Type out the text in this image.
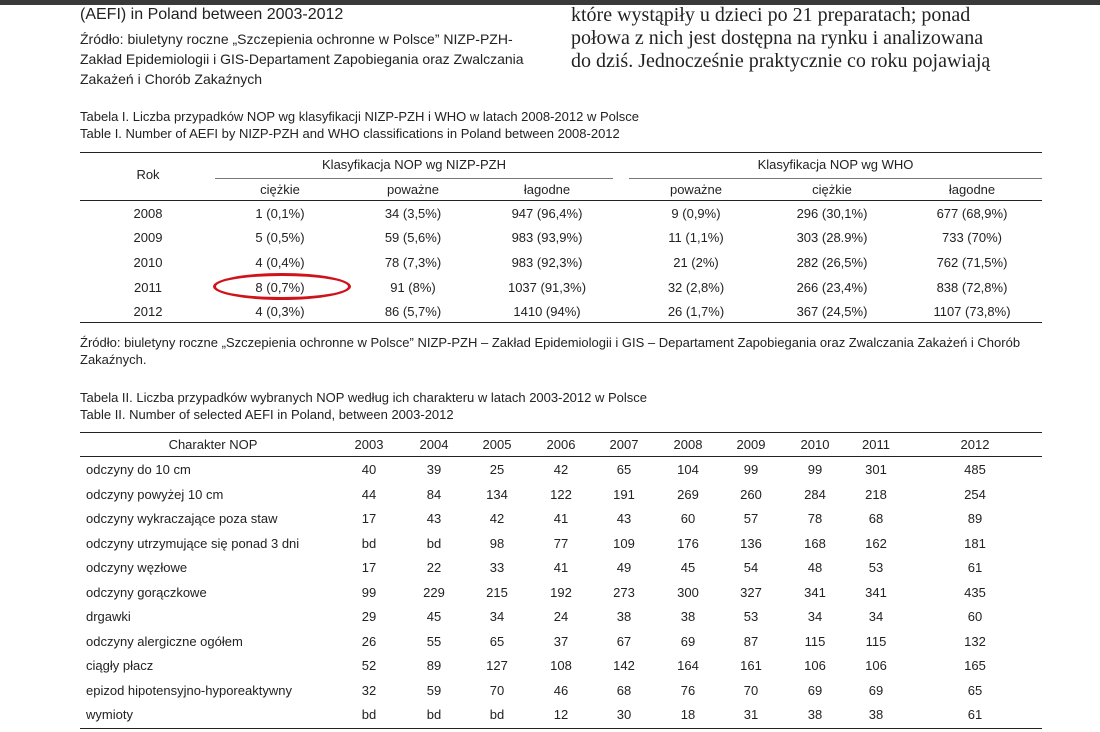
(AEFI) in Poland between 2003-2012
Źródło: biuletyny roczne „Szczepienia ochronne w Polsce” NIZP-PZH-
Zakład Epidemiologii i GIS-Departament Zapobiegania oraz Zwalczania
Zakażeń i Chorób Zakaźnych
które wystąpiły u dzieci po 21 preparatach; ponad
połowa z nich jest dostępna na rynku i analizowana
do dziś. Jednocześnie praktycznie co roku pojawiają
Tabela I. Liczba przypadków NOP wg klasyfikacji NIZP-PZH i WHO w latach 2008-2012 w Polsce
Table I. Number of AEFI by NIZP-PZH and WHO classifications in Poland between 2008-2012
Rok
Klasyfikacja NOP wg NIZP-PZH	Klasyfikacja NOP wg WHO
ciężkie	poważne	łagodne	poważne	ciężkie	łagodne
2008	1 (0,1%)	34 (3,5%)	947 (96,4%)	9 (0,9%)	296 (30,1%)	677 (68,9%)
2009	5 (0,5%)	59 (5,6%)	983 (93,9%)	11 (1,1%)	303 (28.9%)	733 (70%)
2010	4 (0,4%)	78 (7,3%)	983 (92,3%)	21 (2%)	282 (26,5%)	762 (71,5%)
2011	8 (0,7%)	91 (8%)	1037 (91,3%)	32 (2,8%)	266 (23,4%)	838 (72,8%)
2012	4 (0,3%)	86 (5,7%)	1410 (94%)	26 (1,7%)	367 (24,5%)	1107 (73,8%)
Źródło: biuletyny roczne „Szczepienia ochronne w Polsce” NIZP-PZH – Zakład Epidemiologii i GIS – Departament Zapobiegania oraz Zwalczania Zakażeń i Chorób Zakaźnych.
Tabela II. Liczba przypadków wybranych NOP według ich charakteru w latach 2003-2012 w Polsce
Table II. Number of selected AEFI in Poland, between 2003-2012
Charakter NOP	2003	2004	2005	2006	2007	2008	2009	2010	2011	2012
odczyny do 10 cm	40	39	25	42	65	104	99	99	301	485
odczyny powyżej 10 cm	44	84	134	122	191	269	260	284	218	254
odczyny wykraczające poza staw	17	43	42	41	43	60	57	78	68	89
odczyny utrzymujące się ponad 3 dni	bd	bd	98	77	109	176	136	168	162	181
odczyny węzłowe	17	22	33	41	49	45	54	48	53	61
odczyny gorączkowe	99	229	215	192	273	300	327	341	341	435
drgawki	29	45	34	24	38	38	53	34	34	60
odczyny alergiczne ogółem	26	55	65	37	67	69	87	115	115	132
ciągły płacz	52	89	127	108	142	164	161	106	106	165
epizod hipotensyjno-hyporeaktywny	32	59	70	46	68	76	70	69	69	65
wymioty	bd	bd	bd	12	30	18	31	38	38	61
